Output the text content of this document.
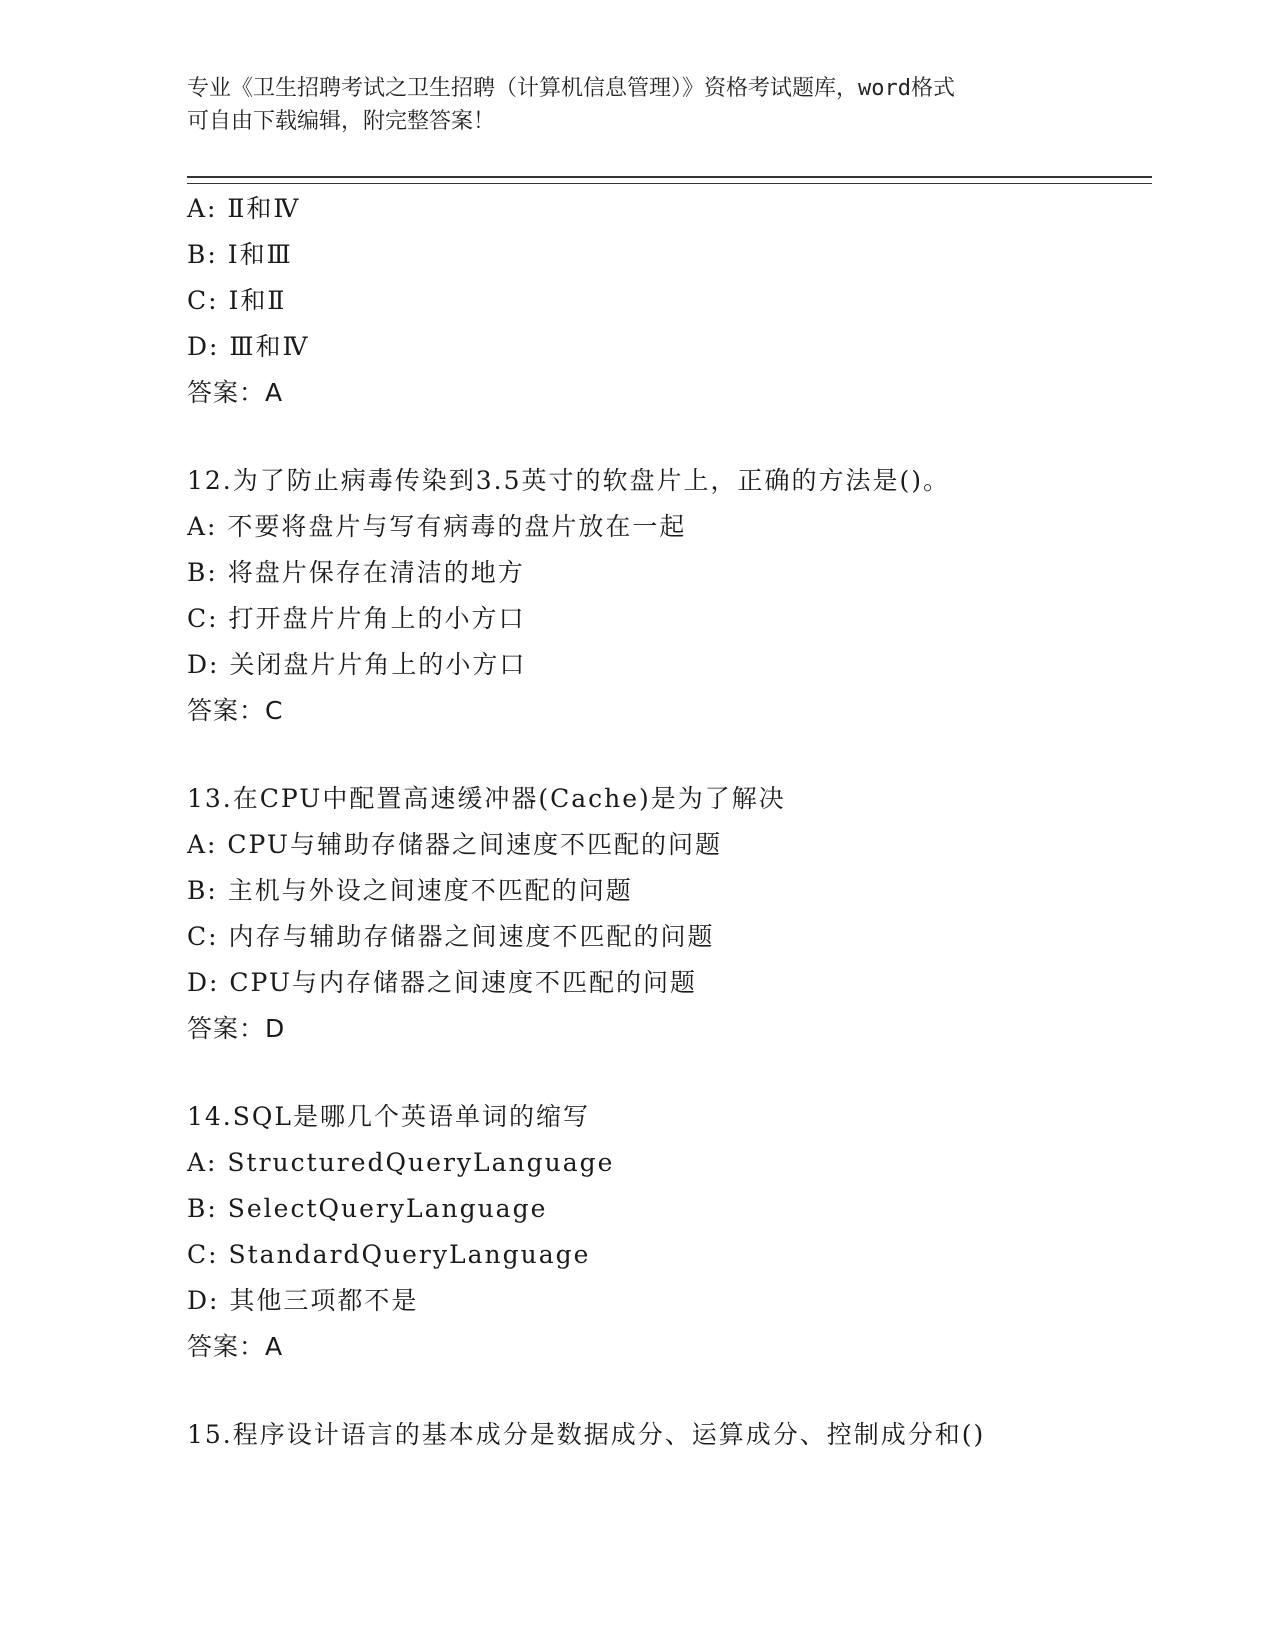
专业《卫生招聘考试之卫生招聘（计算机信息管理）》资格考试题库，word格式
可自由下载编辑，附完整答案！
A: Ⅱ和Ⅳ
B: Ⅰ和Ⅲ
C: Ⅰ和Ⅱ
D: Ⅲ和Ⅳ
答案：A
12.为了防止病毒传染到3.5英寸的软盘片上，正确的方法是()。
A: 不要将盘片与写有病毒的盘片放在一起
B: 将盘片保存在清洁的地方
C: 打开盘片片角上的小方口
D: 关闭盘片片角上的小方口
答案：C
13.在CPU中配置高速缓冲器(Cache)是为了解决
A: CPU与辅助存储器之间速度不匹配的问题
B: 主机与外设之间速度不匹配的问题
C: 内存与辅助存储器之间速度不匹配的问题
D: CPU与内存储器之间速度不匹配的问题
答案：D
14.SQL是哪几个英语单词的缩写
A: StructuredQueryLanguage
B: SelectQueryLanguage
C: StandardQueryLanguage
D: 其他三项都不是
答案：A
15.程序设计语言的基本成分是数据成分、运算成分、控制成分和()
